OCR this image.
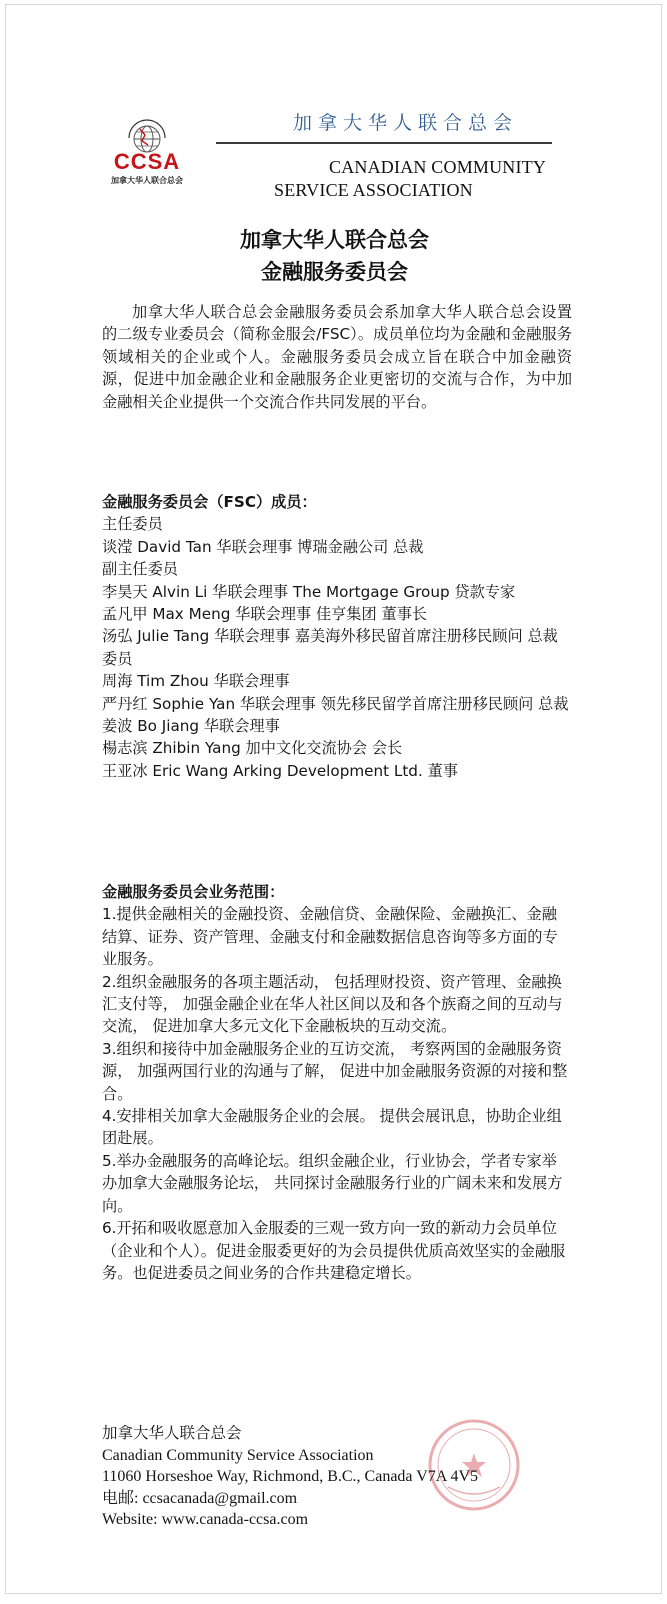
CCSA
加拿大华人联合总会
加拿大华人联合总会
CANADIAN COMMUNITY
SERVICE ASSOCIATION
加拿大华人联合总会
金融服务委员会
加拿大华人联合总会金融服务委员会系加拿大华人联合总会设置的二级专业委员会（简称金服会/FSC）。成员单位均为金融和金融服务领域相关的企业或个人。金融服务委员会成立旨在联合中加金融资源，促进中加金融企业和金融服务企业更密切的交流与合作，为中加金融相关企业提供一个交流合作共同发展的平台。
金融服务委员会（FSC）成员：
主任委员
谈滢 David Tan 华联会理事 博瑞金融公司 总裁
副主任委员
李昊天 Alvin Li 华联会理事 The Mortgage Group 贷款专家
孟凡甲 Max Meng 华联会理事 佳亨集团 董事长
汤弘 Julie Tang 华联会理事 嘉美海外移民留首席注册移民顾问 总裁
委员
周海 Tim Zhou 华联会理事
严丹红 Sophie Yan 华联会理事 领先移民留学首席注册移民顾问 总裁
姜波 Bo Jiang 华联会理事
楊志滨 Zhibin Yang 加中文化交流协会 会长
王亚冰 Eric Wang Arking Development Ltd. 董事
金融服务委员会业务范围：
1.提供金融相关的金融投资、金融信贷、金融保险、金融换汇、金融结算、证券、资产管理、金融支付和金融数据信息咨询等多方面的专业服务。
2.组织金融服务的各项主题活动， 包括理财投资、资产管理、金融换汇支付等， 加强金融企业在华人社区间以及和各个族裔之间的互动与交流， 促进加拿大多元文化下金融板块的互动交流。
3.组织和接待中加金融服务企业的互访交流， 考察两国的金融服务资源， 加强两国行业的沟通与了解， 促进中加金融服务资源的对接和整合。
4.安排相关加拿大金融服务企业的会展。 提供会展讯息，协助企业组团赴展。
5.举办金融服务的高峰论坛。组织金融企业，行业协会，学者专家举办加拿大金融服务论坛， 共同探讨金融服务行业的广阔未来和发展方向。
6.开拓和吸收愿意加入金服委的三观一致方向一致的新动力会员单位（企业和个人）。促进金服委更好的为会员提供优质高效坚实的金融服务。也促进委员之间业务的合作共建稳定增长。
加拿大华人联合总会
Canadian Community Service Association
11060 Horseshoe Way, Richmond, B.C., Canada V7A 4V5
电邮: ccsacanada@gmail.com
Website: www.canada-ccsa.com
